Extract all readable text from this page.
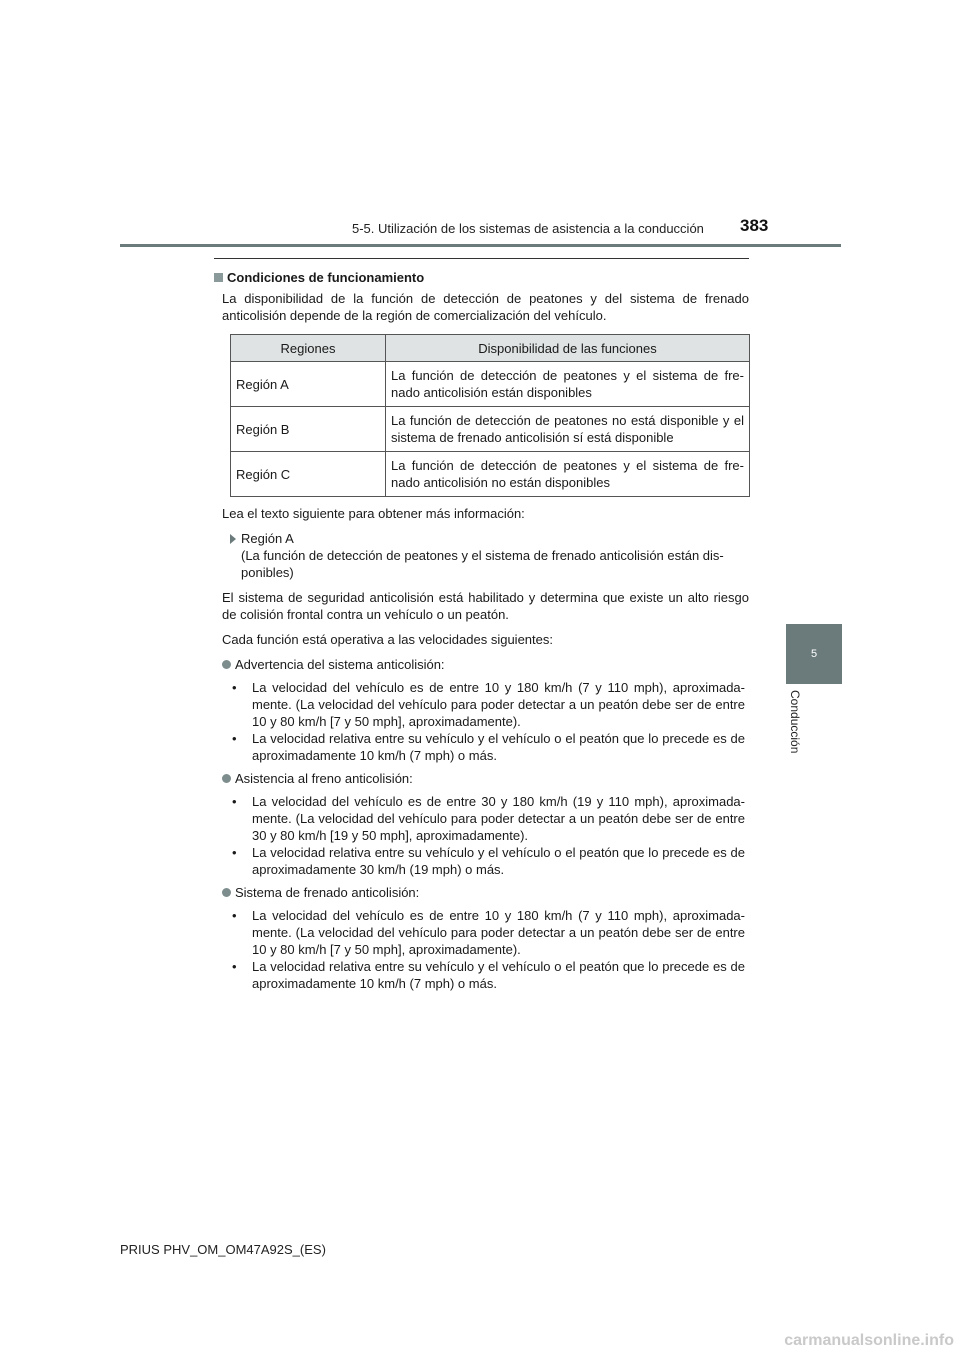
5-5. Utilización de los sistemas de asistencia a la conducción	383
5
Conducción
Condiciones de funcionamiento

La disponibilidad de la función de detección de peatones y del sistema de frenado anticolisión depende de la región de comercialización del vehículo.

Regiones	Disponibilidad de las funciones
Región A	La función de detección de peatones y el sistema de fre-nado anticolisión están disponibles
Región B	La función de detección de peatones no está disponible y el sistema de frenado anticolisión sí está disponible
Región C	La función de detección de peatones y el sistema de fre-nado anticolisión no están disponibles

Lea el texto siguiente para obtener más información:

Región A
(La función de detección de peatones y el sistema de frenado anticolisión están dis-ponibles)

El sistema de seguridad anticolisión está habilitado y determina que existe un alto riesgo de colisión frontal contra un vehículo o un peatón.

Cada función está operativa a las velocidades siguientes:

Advertencia del sistema anticolisión:
•	La velocidad del vehículo es de entre 10 y 180 km/h (7 y 110 mph), aproximada-mente. (La velocidad del vehículo para poder detectar a un peatón debe ser de entre 10 y 80 km/h [7 y 50 mph], aproximadamente).
•	La velocidad relativa entre su vehículo y el vehículo o el peatón que lo precede es de aproximadamente 10 km/h (7 mph) o más.
Asistencia al freno anticolisión:
•	La velocidad del vehículo es de entre 30 y 180 km/h (19 y 110 mph), aproximada-mente. (La velocidad del vehículo para poder detectar a un peatón debe ser de entre 30 y 80 km/h [19 y 50 mph], aproximadamente).
•	La velocidad relativa entre su vehículo y el vehículo o el peatón que lo precede es de aproximadamente 30 km/h (19 mph) o más.
Sistema de frenado anticolisión:
•	La velocidad del vehículo es de entre 10 y 180 km/h (7 y 110 mph), aproximada-mente. (La velocidad del vehículo para poder detectar a un peatón debe ser de entre 10 y 80 km/h [7 y 50 mph], aproximadamente).
•	La velocidad relativa entre su vehículo y el vehículo o el peatón que lo precede es de aproximadamente 10 km/h (7 mph) o más.
PRIUS PHV_OM_OM47A92S_(ES)
carmanualsonline.info
